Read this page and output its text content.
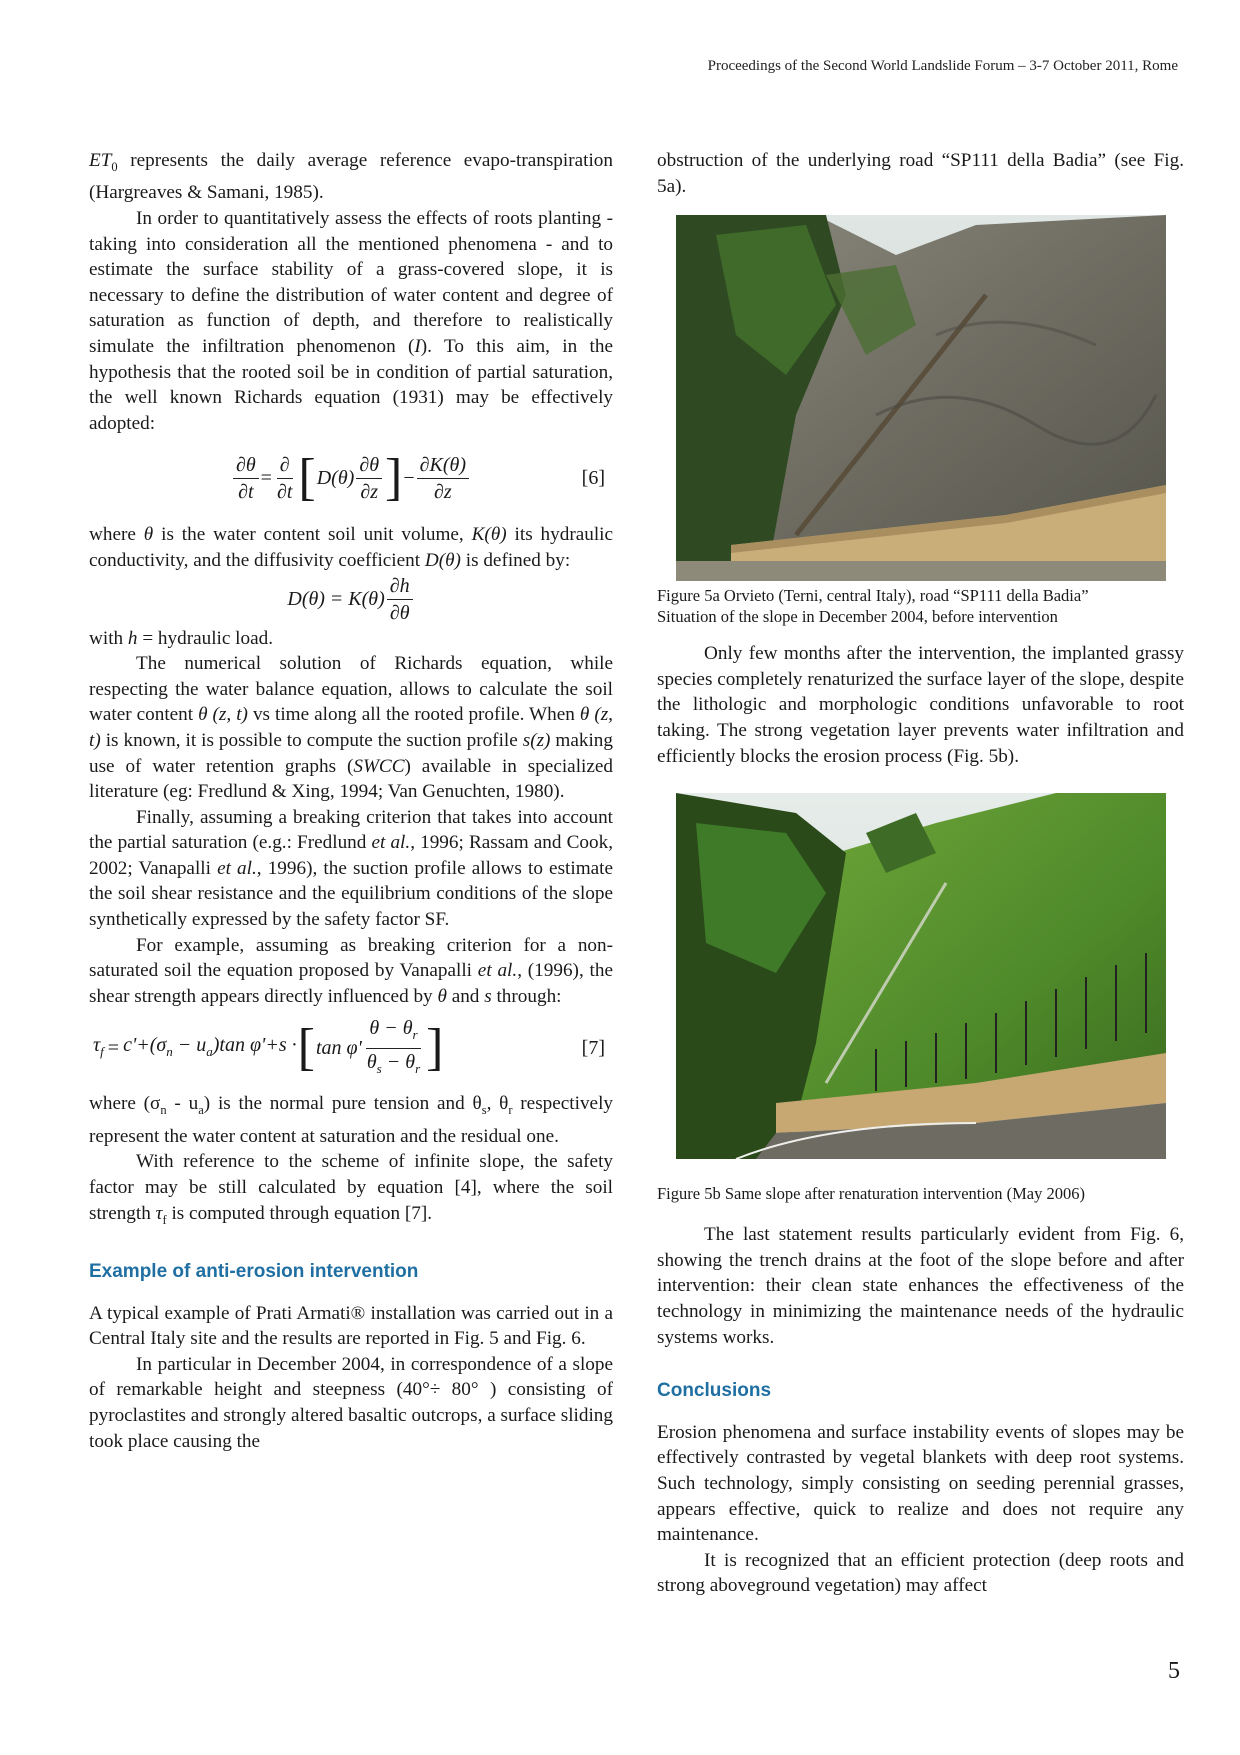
Proceedings of the Second World Landslide Forum – 3-7 October 2011, Rome

$ET_0$ represents the daily average reference evapo-transpiration (Hargreaves & Samani, 1985).

In order to quantitatively assess the effects of roots planting - taking into consideration all the mentioned phenomena - and to estimate the surface stability of a grass-covered slope, it is necessary to define the distribution of water content and degree of saturation as function of depth, and therefore to realistically simulate the infiltration phenomenon (I). To this aim, in the hypothesis that the rooted soil be in condition of partial saturation, the well known Richards equation (1931) may be effectively adopted:

$\frac{\partial\theta}{\partial t} = \frac{\partial}{\partial t}$ [ $D(\theta) \frac{\partial\theta}{\partial z}$ ] − $\frac{\partial K(\theta)}{\partial z}$	[6]

where θ is the water content soil unit volume, K(θ) its hydraulic conductivity, and the diffusivity coefficient D(θ) is defined by:

$D(\theta) = K(\theta) \frac{\partial h}{\partial\theta}$

with h = hydraulic load.

The numerical solution of Richards equation, while respecting the water balance equation, allows to calculate the soil water content θ (z, t) vs time along all the rooted profile. When θ (z, t) is known, it is possible to compute the suction profile s(z) making use of water retention graphs (SWCC) available in specialized literature (eg: Fredlund & Xing, 1994; Van Genuchten, 1980).

Finally, assuming a breaking criterion that takes into account the partial saturation (e.g.: Fredlund et al., 1996; Rassam and Cook, 2002; Vanapalli et al., 1996), the suction profile allows to estimate the soil shear resistance and the equilibrium conditions of the slope synthetically expressed by the safety factor SF.

For example, assuming as breaking criterion for a non-saturated soil the equation proposed by Vanapalli et al., (1996), the shear strength appears directly influenced by θ and s through:

$\tau_f = c'+(\sigma_n - u_a)\tan$ φ'+s · [ $\tan \varphi' \frac{\theta - \theta_r}{\theta_s - \theta_r}$ ]	[7]

where $(\sigma_n - u_a)$ is the normal pure tension and $\theta_s$, $\theta_r$ respectively represent the water content at saturation and the residual one.

With reference to the scheme of infinite slope, the safety factor may be still calculated by equation [4], where the soil strength $\tau_f$ is computed through equation [7].

Example of anti-erosion intervention

A typical example of Prati Armati® installation was carried out in a Central Italy site and the results are reported in Fig. 5 and Fig. 6.

In particular in December 2004, in correspondence of a slope of remarkable height and steepness (40°÷ 80° ) consisting of pyroclastites and strongly altered basaltic outcrops, a surface sliding took place causing the

obstruction of the underlying road “SP111 della Badia” (see Fig. 5a).

Figure 5a Orvieto (Terni, central Italy), road “SP111 della Badia”

Situation of the slope in December 2004, before intervention

Only few months after the intervention, the implanted grassy species completely renaturized the surface layer of the slope, despite the lithologic and morphologic conditions unfavorable to root taking. The strong vegetation layer prevents water infiltration and efficiently blocks the erosion process (Fig. 5b).

Figure 5b Same slope after renaturation intervention (May 2006)

The last statement results particularly evident from Fig. 6, showing the trench drains at the foot of the slope before and after intervention: their clean state enhances the effectiveness of the technology in minimizing the maintenance needs of the hydraulic systems works.

Conclusions

Erosion phenomena and surface instability events of slopes may be effectively contrasted by vegetal blankets with deep root systems. Such technology, simply consisting on seeding perennial grasses, appears effective, quick to realize and does not require any maintenance.

It is recognized that an efficient protection (deep roots and strong aboveground vegetation) may affect

5
